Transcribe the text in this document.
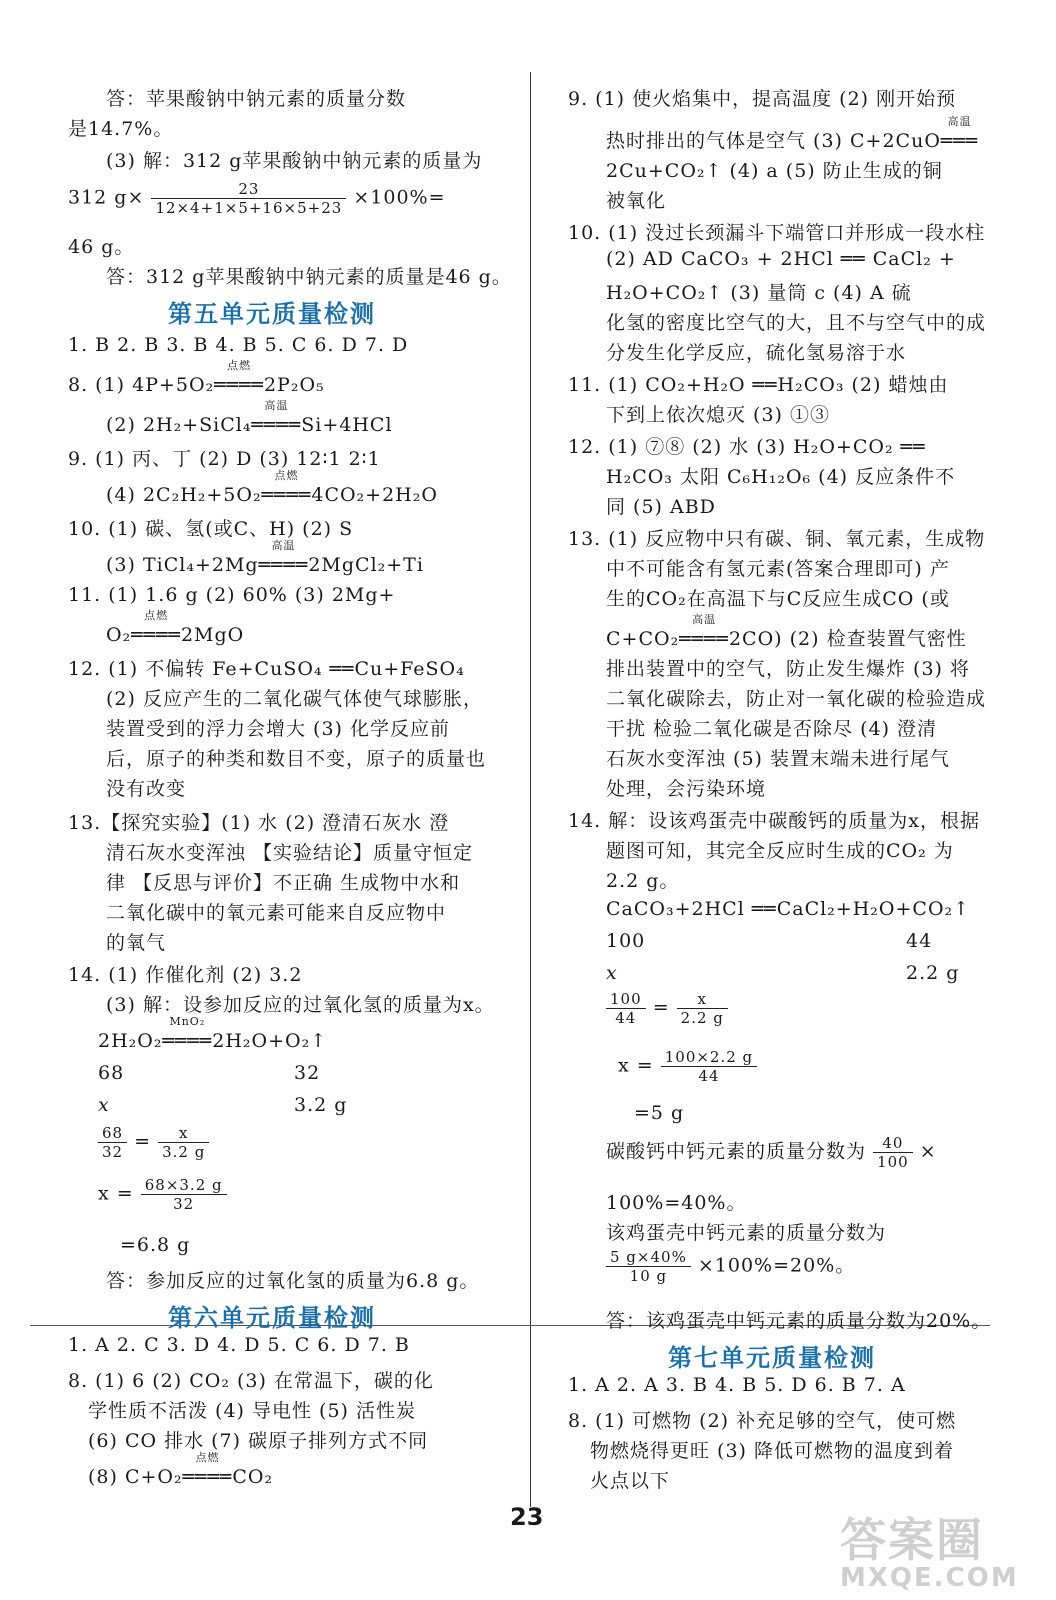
答：苹果酸钠中钠元素的质量分数
是14.7%。
(3) 解：312 g苹果酸钠中钠元素的质量为
312 $g\times \frac{23}{12\times 4+1\times 5+16\times 5+23} \times 100\%=$
46 g。
答：312 g苹果酸钠中钠元素的质量是46 g。
第五单元质量检测
1. B 2. B 3. B 4. B 5. C 6. D 7. D
8. (1) 4P+5O₂
点燃
════2P₂O₅
(2) 2H₂+SiCl₄
高温
════Si+4HCl
9. (1) 丙、丁 (2) D (3) 12∶1 2∶1
(4) 2C₂H₂+5O₂
点燃
════4CO₂+2H₂O
10. (1) 碳、氢(或C、H) (2) S
(3) TiCl₄+2Mg
高温
════2MgCl₂+Ti
11. (1) 1.6 g (2) 60% (3) 2Mg+
O₂
点燃
════2MgO
12. (1) 不偏转 Fe+CuSO₄ ══Cu+FeSO₄
(2) 反应产生的二氧化碳气体使气球膨胀，
装置受到的浮力会增大 (3) 化学反应前
后，原子的种类和数目不变，原子的质量也
没有改变
13.【探究实验】(1) 水 (2) 澄清石灰水 澄
清石灰水变浑浊 【实验结论】质量守恒定
律 【反思与评价】不正确 生成物中水和
二氧化碳中的氧元素可能来自反应物中
的氧气
14. (1) 作催化剂 (2) 3.2
(3) 解：设参加反应的过氧化氢的质量为x。
2H₂O₂
MnO₂
════2H₂O+O₂↑
68	32
x	3.2 g
$\frac{68}{32} = \frac{x}{3.2 g}$
$x = \frac{68\times 3.2 g}{32}$
=6.8 g
答：参加反应的过氧化氢的质量为6.8 g。
第六单元质量检测
1. A 2. C 3. D 4. D 5. C 6. D 7. B
8. (1) 6 (2) CO₂ (3) 在常温下，碳的化
学性质不活泼 (4) 导电性 (5) 活性炭
(6) CO 排水 (7) 碳原子排列方式不同
(8) C+O₂
点燃
════CO₂
9. (1) 使火焰集中，提高温度 (2) 刚开始预
热时排出的气体是空气 (3) C+2CuO
高温
═══
2Cu+CO₂↑ (4) a (5) 防止生成的铜
被氧化
10. (1) 没过长颈漏斗下端管口并形成一段水柱
(2) AD CaCO₃ + 2HCl ══ CaCl₂ +
H₂O+CO₂↑ (3) 量筒 c (4) A 硫
化氢的密度比空气的大，且不与空气中的成
分发生化学反应，硫化氢易溶于水
11. (1) CO₂+H₂O ══H₂CO₃ (2) 蜡烛由
下到上依次熄灭 (3) ①③
12. (1) ⑦⑧ (2) 水 (3) H₂O+CO₂ ══
H₂CO₃ 太阳 C₆H₁₂O₆ (4) 反应条件不
同 (5) ABD
13. (1) 反应物中只有碳、铜、氧元素，生成物
中不可能含有氢元素(答案合理即可) 产
生的CO₂在高温下与C反应生成CO (或
C+CO₂
高温
════2CO) (2) 检查装置气密性
排出装置中的空气，防止发生爆炸 (3) 将
二氧化碳除去，防止对一氧化碳的检验造成
干扰 检验二氧化碳是否除尽 (4) 澄清
石灰水变浑浊 (5) 装置末端未进行尾气
处理，会污染环境
14. 解：设该鸡蛋壳中碳酸钙的质量为x，根据
题图可知，其完全反应时生成的CO₂ 为
2.2 g。
CaCO₃+2HCl ══CaCl₂+H₂O+CO₂↑
100	44
x	2.2 g
$\frac{100}{44} = \frac{x}{2.2 g}$
$x = \frac{100\times 2.2 g}{44}$
=5 g
碳酸钙中钙元素的质量分数为 $\frac{40}{100}$ ×
100%=40%。
该鸡蛋壳中钙元素的质量分数为
$\frac{5 g\times 40\%}{10 g} \times 100\%=20\%$。
答：该鸡蛋壳中钙元素的质量分数为20%。
第七单元质量检测
1. A 2. A 3. B 4. B 5. D 6. B 7. A
8. (1) 可燃物 (2) 补充足够的空气，使可燃
物燃烧得更旺 (3) 降低可燃物的温度到着
火点以下
23	答案圈
MXQE.COM
